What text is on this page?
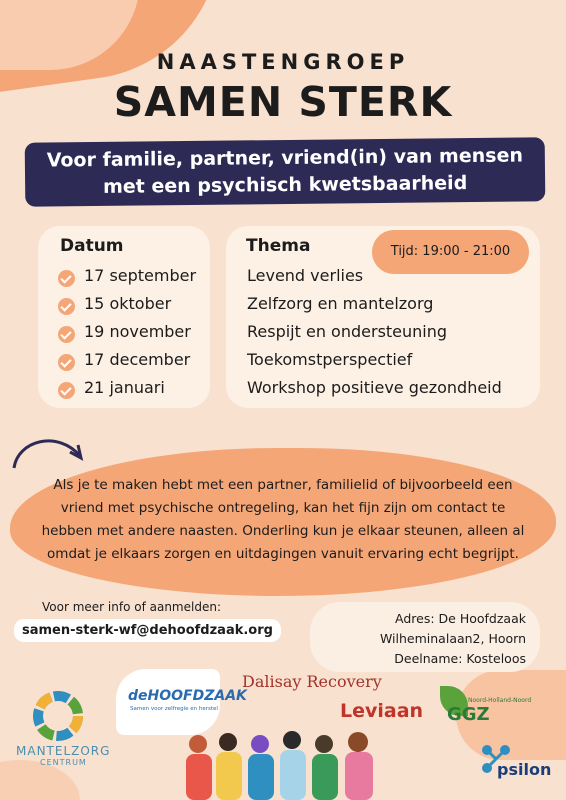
NAASTENGROEP
SAMEN STERK
Voor familie, partner, vriend(in) van mensen
met een psychisch kwetsbaarheid
Datum
17 september
15 oktober
19 november
17 december
21 januari
Thema
Levend verlies
Zelfzorg en mantelzorg
Respijt en ondersteuning
Toekomstperspectief
Workshop positieve gezondheid
Tijd: 19:00 - 21:00
Als je te maken hebt met een partner, familielid of bijvoorbeeld een vriend met psychische ontregeling, kan het fijn zijn om contact te hebben met andere naasten. Onderling kun je elkaar steunen, alleen al omdat je elkaars zorgen en uitdagingen vanuit ervaring echt begrijpt.
Voor meer info of aanmelden:
samen-sterk-wf@dehoofdzaak.org
Adres: De Hoofdzaak
Wilheminalaan2, Hoorn
Deelname: Kosteloos
MANTELZORG
CENTRUM
deHOOFDZAAK
Samen voor zelfregie en herstel
Dalisay Recovery
Leviaan	Noord-Holland-Noord
GGZ
psilon
